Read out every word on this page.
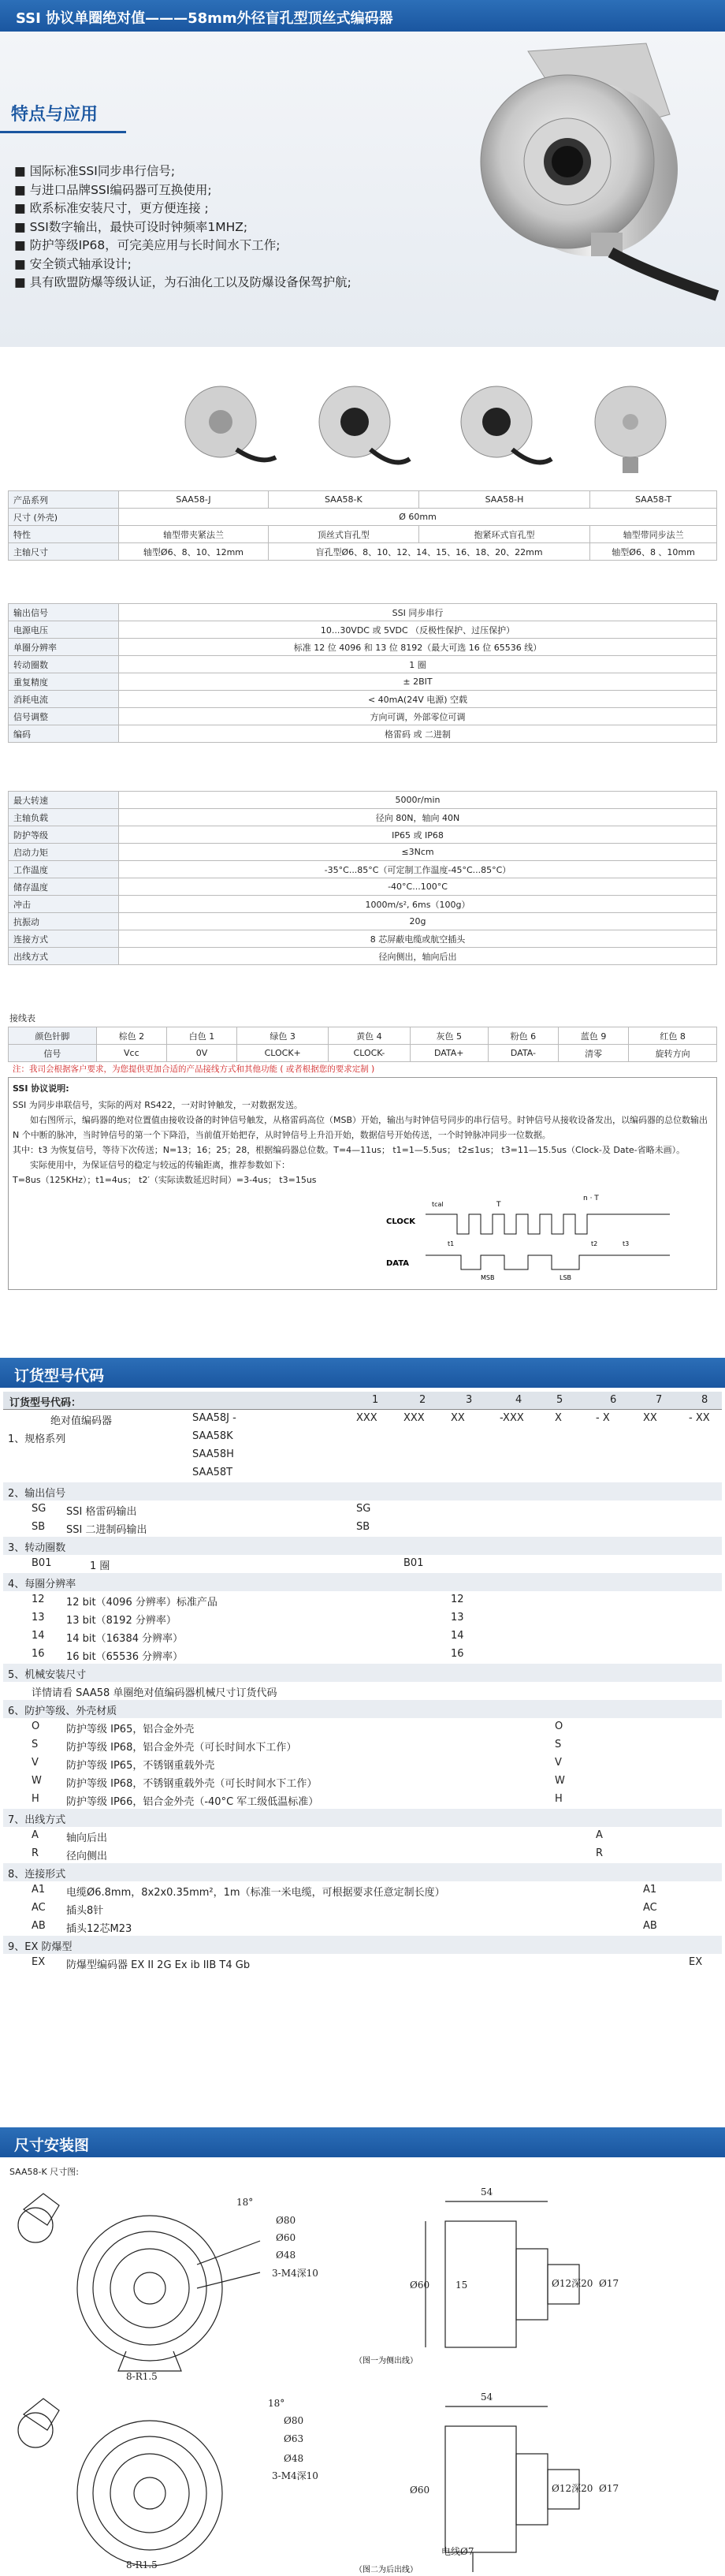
SSI 协议单圈绝对值———58mm外径盲孔型顶丝式编码器
特点与应用
■ 国际标准SSI同步串行信号;
■ 与进口品牌SSI编码器可互换使用;
■ 欧系标准安装尺寸，更方便连接 ;
■ SSI数字输出，最快可设时钟频率1MHZ;
■ 防护等级IP68，可完美应用与长时间水下工作;
■ 安全锁式轴承设计;
■ 具有欧盟防爆等级认证，为石油化工以及防爆设备保驾护航;
产品系列	SAA58-J	SAA58-K	SAA58-H	SAA58-T
尺寸 (外壳)	Ø 60mm			
特性	轴型带夹紧法兰	顶丝式盲孔型	抱紧环式盲孔型	轴型带同步法兰
主轴尺寸	轴型Ø6、8、10、12mm	盲孔型Ø6、8、10、12、14、15、16、18、20、22mm		轴型Ø6、8 、10mm
输出信号	SSI 同步串行
电源电压	10...30VDC 或 5VDC （反极性保护、过压保护）
单圈分辨率	标准 12 位 4096 和 13 位 8192（最大可选 16 位 65536 线）
转动圈数	1 圈
重复精度	± 2BIT
消耗电流	< 40mA(24V 电源) 空载
信号调整	方向可调，外部零位可调
编码	格雷码 或 二进制
最大转速	5000r/min
主轴负载	径向 80N，轴向 40N
防护等级	IP65 或 IP68
启动力矩	≤3Ncm
工作温度	-35°C...85°C（可定制工作温度-45°C...85°C）
储存温度	-40°C...100°C
冲击	1000m/s², 6ms（100g）
抗振动	20g
连接方式	8 芯屏蔽电缆或航空插头
出线方式	径向侧出，轴向后出
接线表
颜色针脚	棕色 2	白色 1	绿色 3	黄色 4	灰色 5	粉色 6	蓝色 9	红色 8
信号	Vcc	0V	CLOCK+	CLOCK-	DATA+	DATA-	清零	旋转方向
注：我司会根据客户要求，为您提供更加合适的产品接线方式和其他功能 ( 或者根据您的要求定制 )
SSI 协议说明:
SSI 为同步串联信号，实际的两对 RS422，一对时钟触发，一对数据发送。
如右图所示，编码器的绝对位置值由接收设备的时钟信号触发，从格雷码高位（MSB）开始，输出与时钟信号同步的串行信号。时钟信号从接收设备发出，以编码器的总位数输出 N 个中断的脉冲，当时钟信号的第一个下降沿，当前值开始把存，从时钟信号上升沿开始，数据信号开始传送，一个时钟脉冲同步一位数据。
其中：t3 为恢复信号，等待下次传送；N=13；16；25；28，根据编码器总位数。T=4—11us； t1=1—5.5us； t2≤1us； t3=11—15.5us（Clock-及 Date-省略未画）。
实际使用中，为保证信号的稳定与较远的传输距离，推荐参数如下：
T=8us（125KHz）；t1=4us； t2′（实际读数延迟时间）=3-4us； t3=15us
CLOCK
DATA
T
n · T
MSB	LSB
t1	t2	t3
tcal
订货型号代码
订货型号代码：	1	2	3	4	5	6	7	8
绝对值编码器	SAA58J -	XXX	XXX	XX	-XXX	X	- X	XX	- XX
SAA58K
SAA58H
SAA58T
1、规格系列
2、输出信号
SG SSI 格雷码输出	SG
SB SSI 二进制码输出	SB
3、转动圈数
B01	1 圈	B01
4、每圈分辨率
12 12 bit（4096 分辨率）标准产品	12
13 13 bit（8192 分辨率）	13
14 14 bit（16384 分辨率）	14
16 16 bit（65536 分辨率）	16
5、机械安装尺寸
详情请看 SAA58 单圈绝对值编码器机械尺寸订货代码
6、防护等级、外壳材质
O	防护等级 IP65，铝合金外壳	O
S	防护等级 IP68，铝合金外壳（可长时间水下工作）	S
V	防护等级 IP65，不锈钢重载外壳	V
W 防护等级 IP68，不锈钢重载外壳（可长时间水下工作）	W
H	防护等级 IP66，铝合金外壳（-40°C 军工级低温标准）	H
7、出线方式
A	轴向后出	A
R	径向侧出	R
8、连接形式
A1 电缆Ø6.8mm，8x2x0.35mm²，1m（标准一米电缆，可根据要求任意定制长度）	A1
AC 插头8针	AC
AB 插头12芯M23	AB
9、EX 防爆型
EX 防爆型编码器 EX II 2G Ex ib IIB T4 Gb	EX
尺寸安装图
SAA58-K 尺寸图:
18°
Ø80
Ø60
Ø48
3-M4深10
8-R1.5
54
Ø60	15	Ø12深20 Ø17
18°
Ø80
Ø63
Ø48
3-M4深10
8-R1.5
54
Ø60	Ø12深20 Ø17
电线Ø7
（图一为侧出线）
（图二为后出线）
